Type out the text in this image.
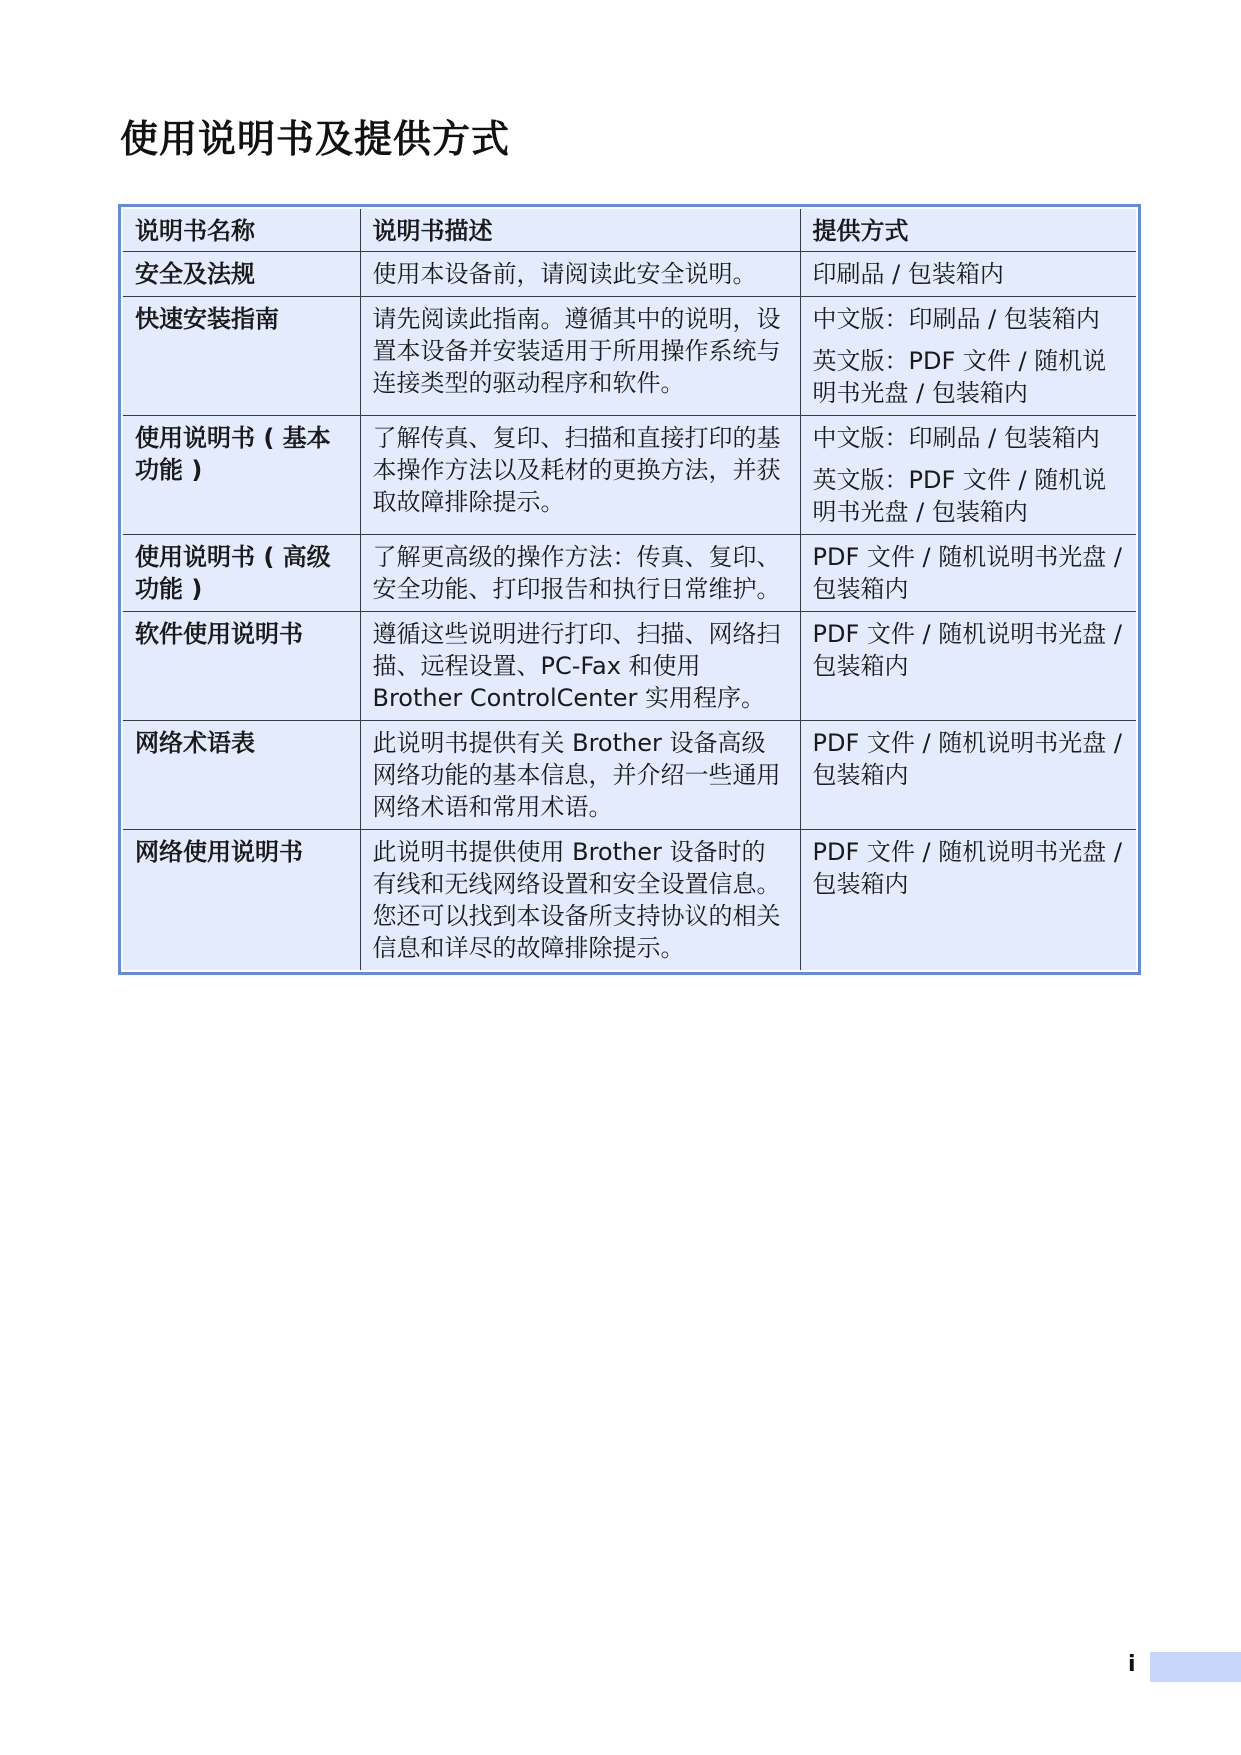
使用说明书及提供方式
说明书名称	说明书描述	提供方式
安全及法规	使用本设备前，请阅读此安全说明。	印刷品 / 包装箱内

快速安装指南	请先阅读此指南。遵循其中的说明，设置本设备并安装适用于所用操作系统与连接类型的驱动程序和软件。	中文版：印刷品 / 包装箱内
英文版：PDF 文件 / 随机说明书光盘 / 包装箱内

使用说明书 ( 基本功能 )	了解传真、复印、扫描和直接打印的基本操作方法以及耗材的更换方法，并获取故障排除提示。	中文版：印刷品 / 包装箱内
英文版：PDF 文件 / 随机说明书光盘 / 包装箱内

使用说明书 ( 高级功能 )	了解更高级的操作方法：传真、复印、安全功能、打印报告和执行日常维护。	PDF 文件 / 随机说明书光盘 / 包装箱内

软件使用说明书	遵循这些说明进行打印、扫描、网络扫描、远程设置、PC-Fax 和使用 Brother ControlCenter 实用程序。	PDF 文件 / 随机说明书光盘 / 包装箱内

网络术语表	此说明书提供有关 Brother 设备高级网络功能的基本信息，并介绍一些通用网络术语和常用术语。	PDF 文件 / 随机说明书光盘 / 包装箱内

网络使用说明书	此说明书提供使用 Brother 设备时的有线和无线网络设置和安全设置信息。您还可以找到本设备所支持协议的相关信息和详尽的故障排除提示。	PDF 文件 / 随机说明书光盘 / 包装箱内
i
